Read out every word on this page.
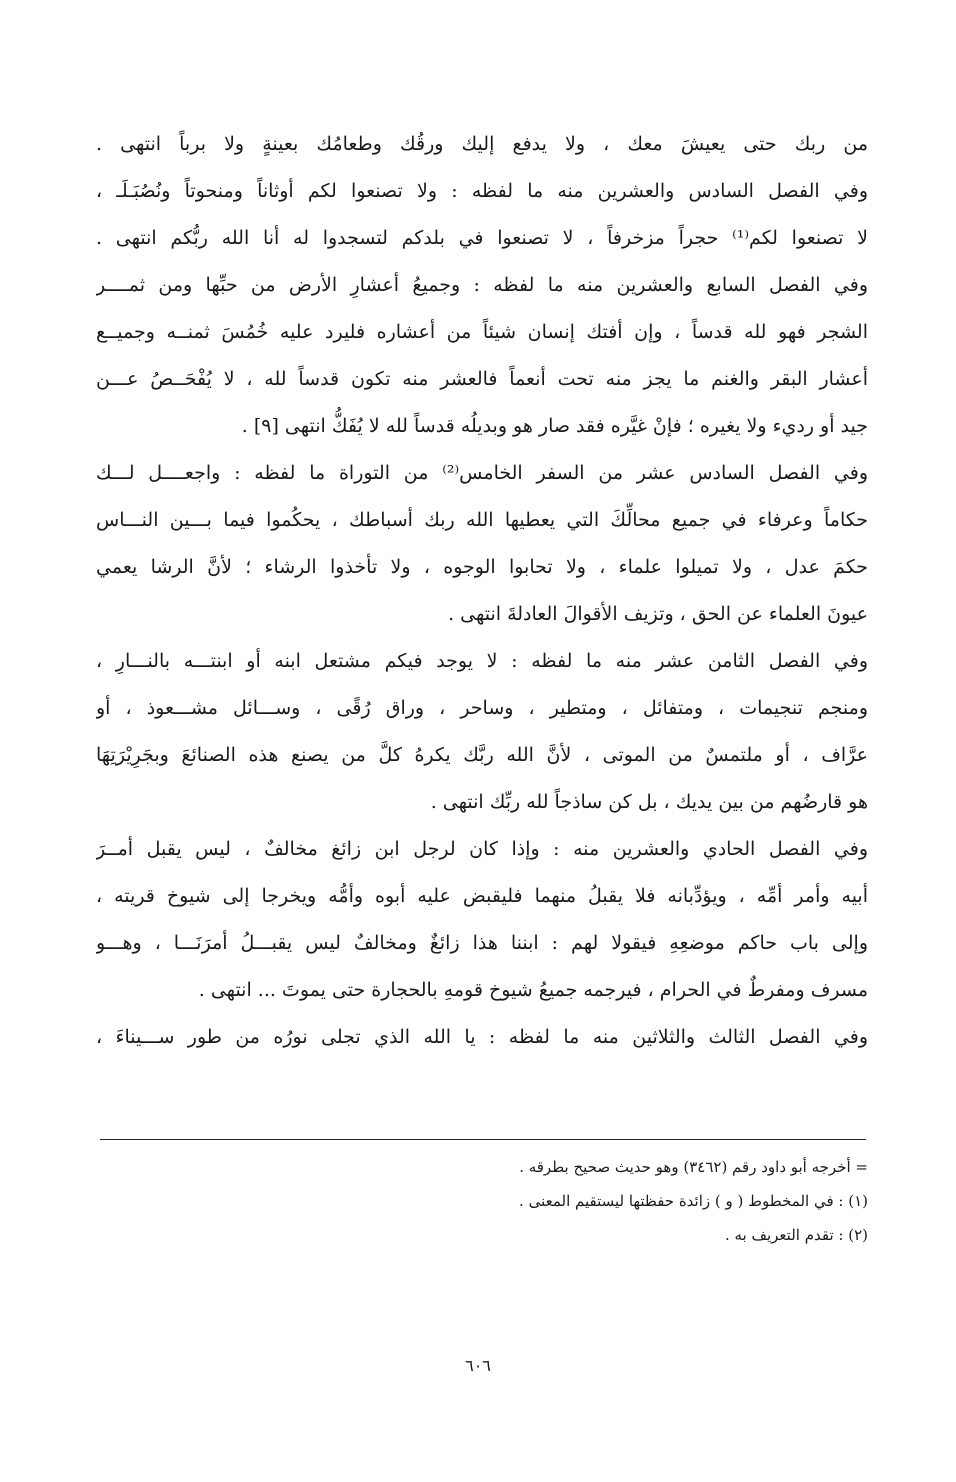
من ربك حتى يعيشَ معك ، ولا يدفع إليك ورقُك وطعامُك بعينةٍ ولا برباً انتهى .
وفي الفصل السادس والعشرين منه ما لفظه : ولا تصنعوا لكم أوثاناً ومنحوتاً ونُصُبَـلَـ ،
لا تصنعوا لكم⁽¹⁾ حجراً مزخرفاً ، لا تصنعوا في بلدكم لتسجدوا له أنا الله ربُّكم انتهى .
وفي الفصل السابع والعشرين منه ما لفظه : وجميعُ أعشارِ الأرض من حبِّها ومن ثمــــر
الشجر فهو لله قدساً ، وإن أفتك إنسان شيئاً من أعشاره فليرد عليه خُمُسَ ثمنــه وجميــع
أعشار البقر والغنم ما يجز منه تحت أنعماً فالعشر منه تكون قدساً لله ، لا يُفْحَــصُ عـــن
جيد أو رديء ولا يغيره ؛ فإنْ غيَّره فقد صار هو وبديلُه قدساً لله لا يُفَكُّ انتهى [٩] .
وفي الفصل السادس عشر من السفر الخامس⁽²⁾ من التوراة ما لفظه : واجعــــل لـــك
حكاماً وعرفاء في جميع محالِّكَ التي يعطيها الله ربك أسباطك ، يحكُموا فيما بـــين النـــاس
حكمَ عدل ، ولا تميلوا علماء ، ولا تحابوا الوجوه ، ولا تأخذوا الرشاء ؛ لأنَّ الرشا يعمي
عيونَ العلماء عن الحق ، وتزيف الأقوالَ العادلةَ انتهى .
وفي الفصل الثامن عشر منه ما لفظه : لا يوجد فيكم مشتعل ابنه أو ابنتـــه بالنـــارِ ،
ومنجم تنجيمات ، ومتفائل ، ومتطير ، وساحر ، وراق رُقًى ، وســـائل مشـــعوذ ، أو
عرَّاف ، أو ملتمسٌ من الموتى ، لأنَّ الله ربَّك يكرهُ كلَّ من يصنع هذه الصنائعَ وبجَرِيْرَتِهَا
هو قارضُهم من بين يديك ، بل كن ساذجاً لله ربِّك انتهى .
وفي الفصل الحادي والعشرين منه : وإذا كان لرجل ابن زائغ مخالفٌ ، ليس يقبل أمــرَ
أبيه وأمر أمِّه ، ويؤدِّبانه فلا يقبلُ منهما فليقبض عليه أبوه وأمُّه ويخرجا إلى شيوخ قريته ،
وإلى باب حاكم موضعِهِ فيقولا لهم : ابننا هذا زائغٌ ومخالفٌ ليس يقبـــلُ أمرَنَـــا ، وهـــو
مسرف ومفرطٌ في الحرام ، فيرجمه جميعُ شيوخ قومهِ بالحجارة حتى يموتَ ... انتهى .
وفي الفصل الثالث والثلاثين منه ما لفظه : يا الله الذي تجلى نورُه من طور ســـيناءَ ،
= أخرجه أبو داود رقم (٣٤٦٢) وهو حديث صحيح بطرقه .
(١) : في المخطوط ( و ) زائدة حفظتها ليستقيم المعنى .
(٢) : تقدم التعريف به .
٦٠٦
